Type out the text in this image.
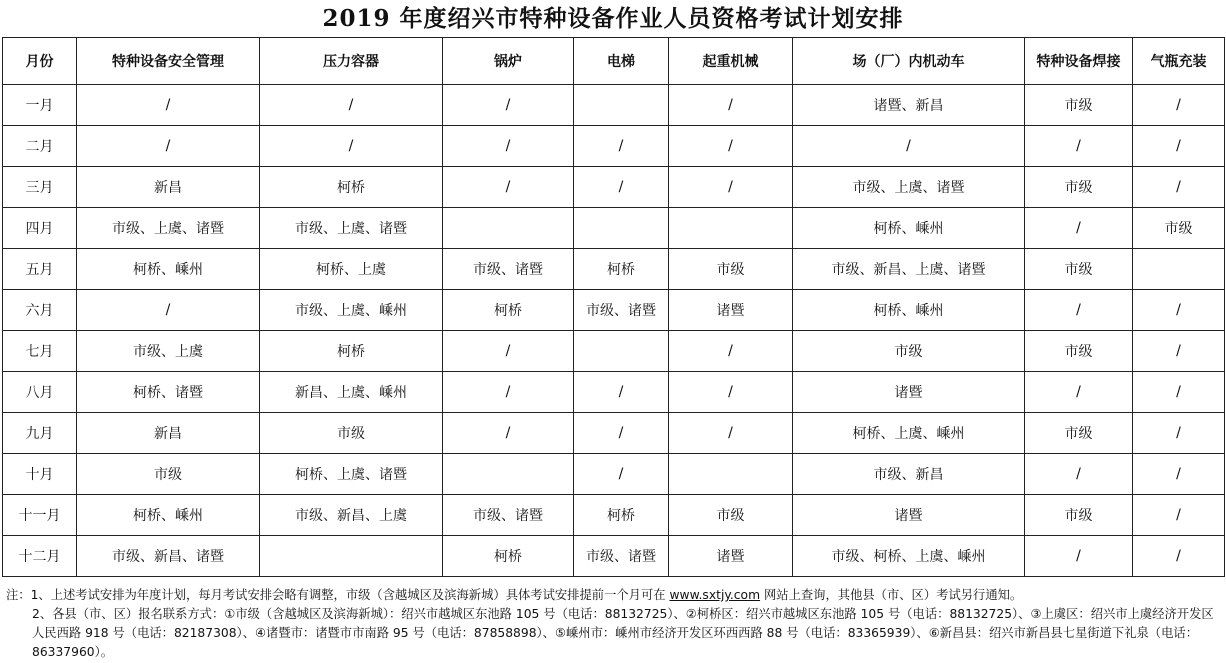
2019 年度绍兴市特种设备作业人员资格考试计划安排
月份	特种设备安全管理	压力容器	锅炉	电梯	起重机械	场（厂）内机动车	特种设备焊接	气瓶充装
一月	/	/	/		/	诸暨、新昌	市级	/
二月	/	/	/	/	/	/	/	/
三月	新昌	柯桥	/	/	/	市级、上虞、诸暨	市级	/
四月	市级、上虞、诸暨	市级、上虞、诸暨				柯桥、嵊州	/	市级
五月	柯桥、嵊州	柯桥、上虞	市级、诸暨	柯桥	市级	市级、新昌、上虞、诸暨	市级	
六月	/	市级、上虞、嵊州	柯桥	市级、诸暨	诸暨	柯桥、嵊州	/	/
七月	市级、上虞	柯桥	/		/	市级	市级	/
八月	柯桥、诸暨	新昌、上虞、嵊州	/	/	/	诸暨	/	/
九月	新昌	市级	/	/	/	柯桥、上虞、嵊州	市级	/
十月	市级	柯桥、上虞、诸暨		/		市级、新昌	/	/
十一月	柯桥、嵊州	市级、新昌、上虞	市级、诸暨	柯桥	市级	诸暨	市级	/
十二月	市级、新昌、诸暨		柯桥	市级、诸暨	诸暨	市级、柯桥、上虞、嵊州	/	/

注：1、上述考试安排为年度计划，每月考试安排会略有调整，市级（含越城区及滨海新城）具体考试安排提前一个月可在 www.sxtjy.com 网站上查询，其他县（市、区）考试另行通知。

2、各县（市、区）报名联系方式：①市级（含越城区及滨海新城）：绍兴市越城区东池路 105 号（电话：88132725）、②柯桥区：绍兴市越城区东池路 105 号（电话：88132725）、③上虞区：绍兴市上虞经济开发区人民西路 918 号（电话：82187308）、④诸暨市：诸暨市市南路 95 号（电话：87858898）、⑤嵊州市：嵊州市经济开发区环西西路 88 号（电话：83365939）、⑥新昌县：绍兴市新昌县七星街道下礼泉（电话：86337960）。
